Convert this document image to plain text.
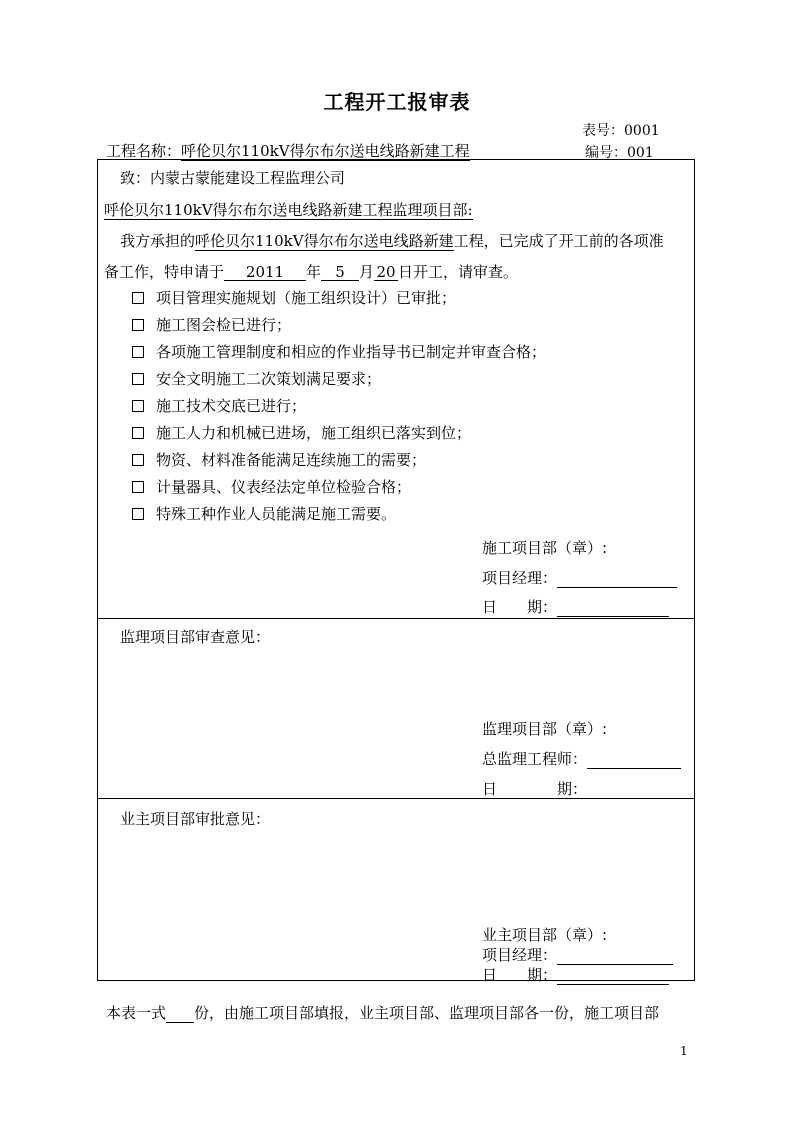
工程开工报审表
表号：0001
工程名称：呼伦贝尔110kV得尔布尔送电线路新建工程	编号：001
致：内蒙古蒙能建设工程监理公司
呼伦贝尔110kV得尔布尔送电线路新建工程监理项目部:
我方承担的呼伦贝尔110kV得尔布尔送电线路新建工程，已完成了开工前的各项准
备工作，特申请于 2011 年 5 月 20 日开工，请审查。
项目管理实施规划（施工组织设计）已审批；
施工图会检已进行；
各项施工管理制度和相应的作业指导书已制定并审查合格；
安全文明施工二次策划满足要求；
施工技术交底已进行；
施工人力和机械已进场，施工组织已落实到位；
物资、材料准备能满足连续施工的需要；
计量器具、仪表经法定单位检验合格；
特殊工种作业人员能满足施工需要。
施工项目部（章）:
项目经理：
日　　期：
监理项目部审查意见：
监理项目部（章）:
总监理工程师：
日　　　　期：
业主项目部审批意见：
业主项目部（章）:
项目经理：
日　　期：
本表一式 份，由施工项目部填报，业主项目部、监理项目部各一份，施工项目部
1
